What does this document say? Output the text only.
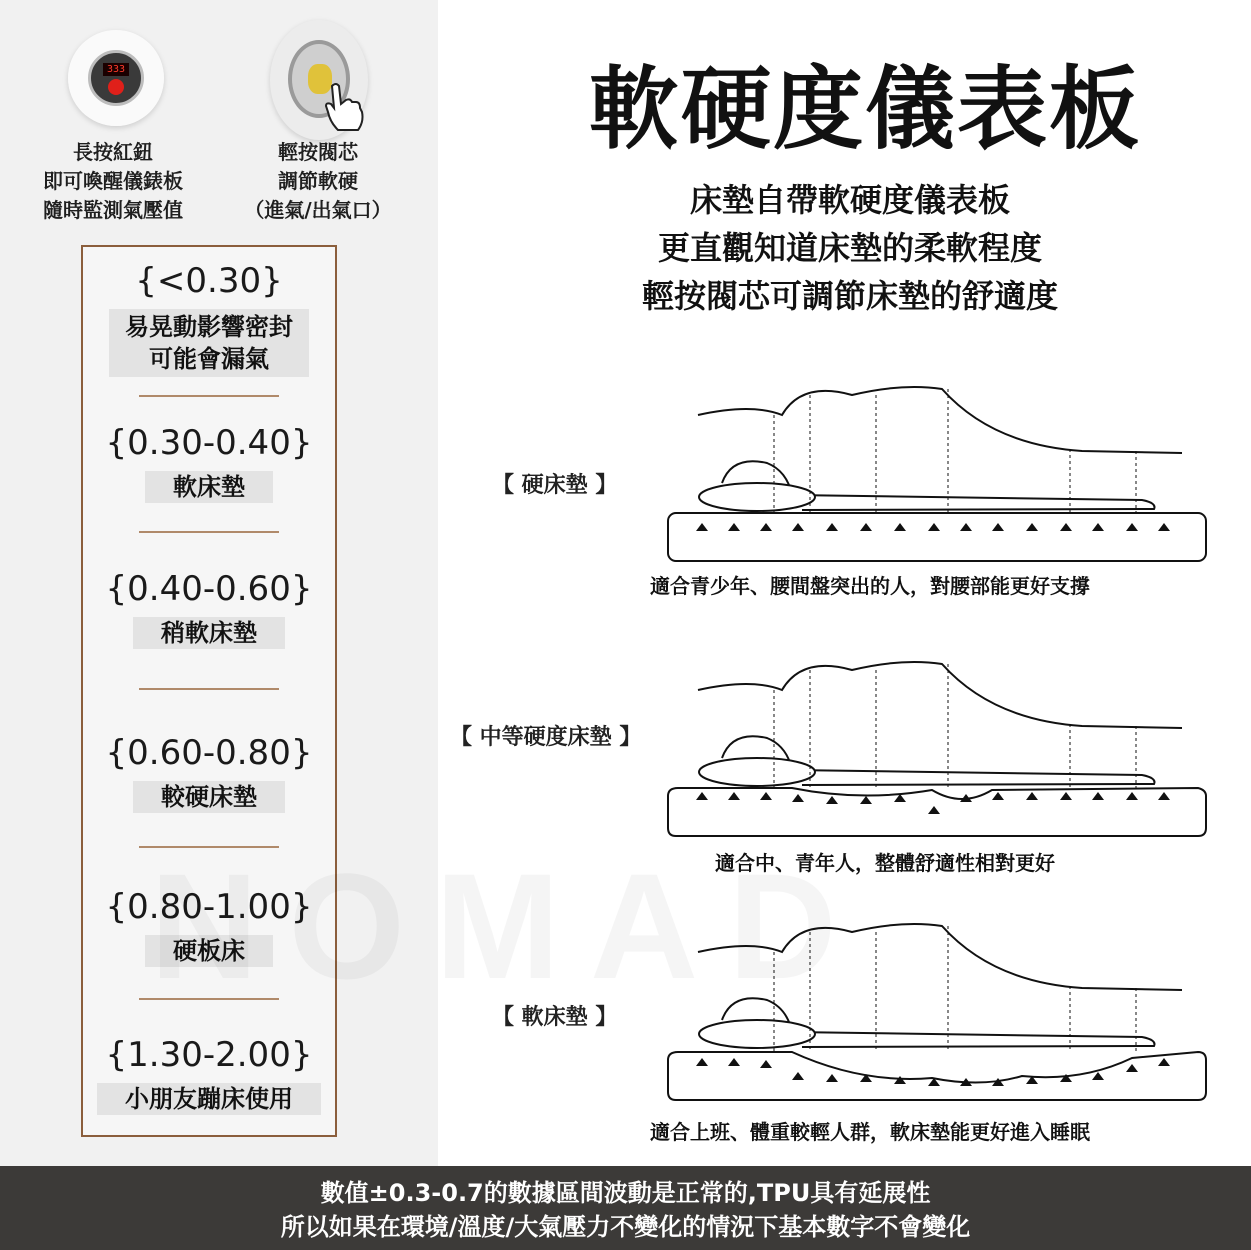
333
長按紅鈕
即可喚醒儀錶板
隨時監測氣壓值
輕按閥芯
調節軟硬
（進氣/出氣口）
{<0.30}
易晃動影響密封
可能會漏氣
{0.30-0.40}
軟床墊
{0.40-0.60}
稍軟床墊
{0.60-0.80}
較硬床墊
{0.80-1.00}
硬板床
{1.30-2.00}
小朋友蹦床使用
軟硬度儀表板
床墊自帶軟硬度儀表板
更直觀知道床墊的柔軟程度
輕按閥芯可調節床墊的舒適度
【 硬床墊 】
【 中等硬度床墊 】
【 軟床墊 】
適合青少年、腰間盤突出的人，對腰部能更好支撐
適合中、青年人，整體舒適性相對更好
適合上班、體重較輕人群，軟床墊能更好進入睡眠
數值±0.3-0.7的數據區間波動是正常的,TPU具有延展性
所以如果在環境/溫度/大氣壓力不變化的情況下基本數字不會變化
